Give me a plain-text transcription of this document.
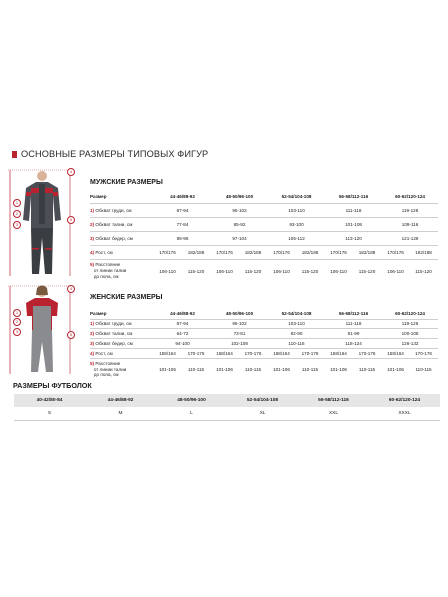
ОСНОВНЫЕ РАЗМЕРЫ ТИПОВЫХ ФИГУР
4
1
2
3
5
4
1
2
3
5
МУЖСКИЕ РАЗМЕРЫ
Размер	44-46/88-92		48-50/96-100		52-54/104-108		56-58/112-116		60-62/120-124	
1) Обхват груди, см	87-94		95-102		103-110		111-118		119-126	
2) Обхват талии, см	77-84		85-92		93-100		101-108		109-116	
3) Обхват бедер, см	89-96		97-104		105-112		113-120		121-128	
4) Рост, см	170/176	182/188	170/176	182/188	170/176	182/188	170/176	182/188	170/176	182/188
5) Расстояние
от линии талии
до пола, см	106-110	115-120	106-110	115-120	106-110	115-120	106-110	115-120	106-110	115-120
ЖЕНСКИЕ РАЗМЕРЫ
Размер	44-46/88-92		48-50/96-100		52-54/104-108		56-58/112-116		60-62/120-124	
1) Обхват груди, см	87-94		95-102		103-110		111-118		119-126	
2) Обхват талии, см	64-72		73-81		82-90		91-99		100-108	
3) Обхват бедер, см	94-100		102-108		110-116		118-124		126-132	
4) Рост, см	158/164	170-176	158/164	170-176	158/164	170-176	158/164	170-176	158/164	170-176
5) Расстояние
от линии талии
до пола, см	101-106	110-115	101-106	110-115	101-106	110-115	101-106	110-115	101-106	110-115
РАЗМЕРЫ ФУТБОЛОК
40-42/80-84	44-46/88-92	48-50/96-100	52-54/104-108	56-58/112-116	60-62/120-124
S	M	L	XL	XXL	XXXL
